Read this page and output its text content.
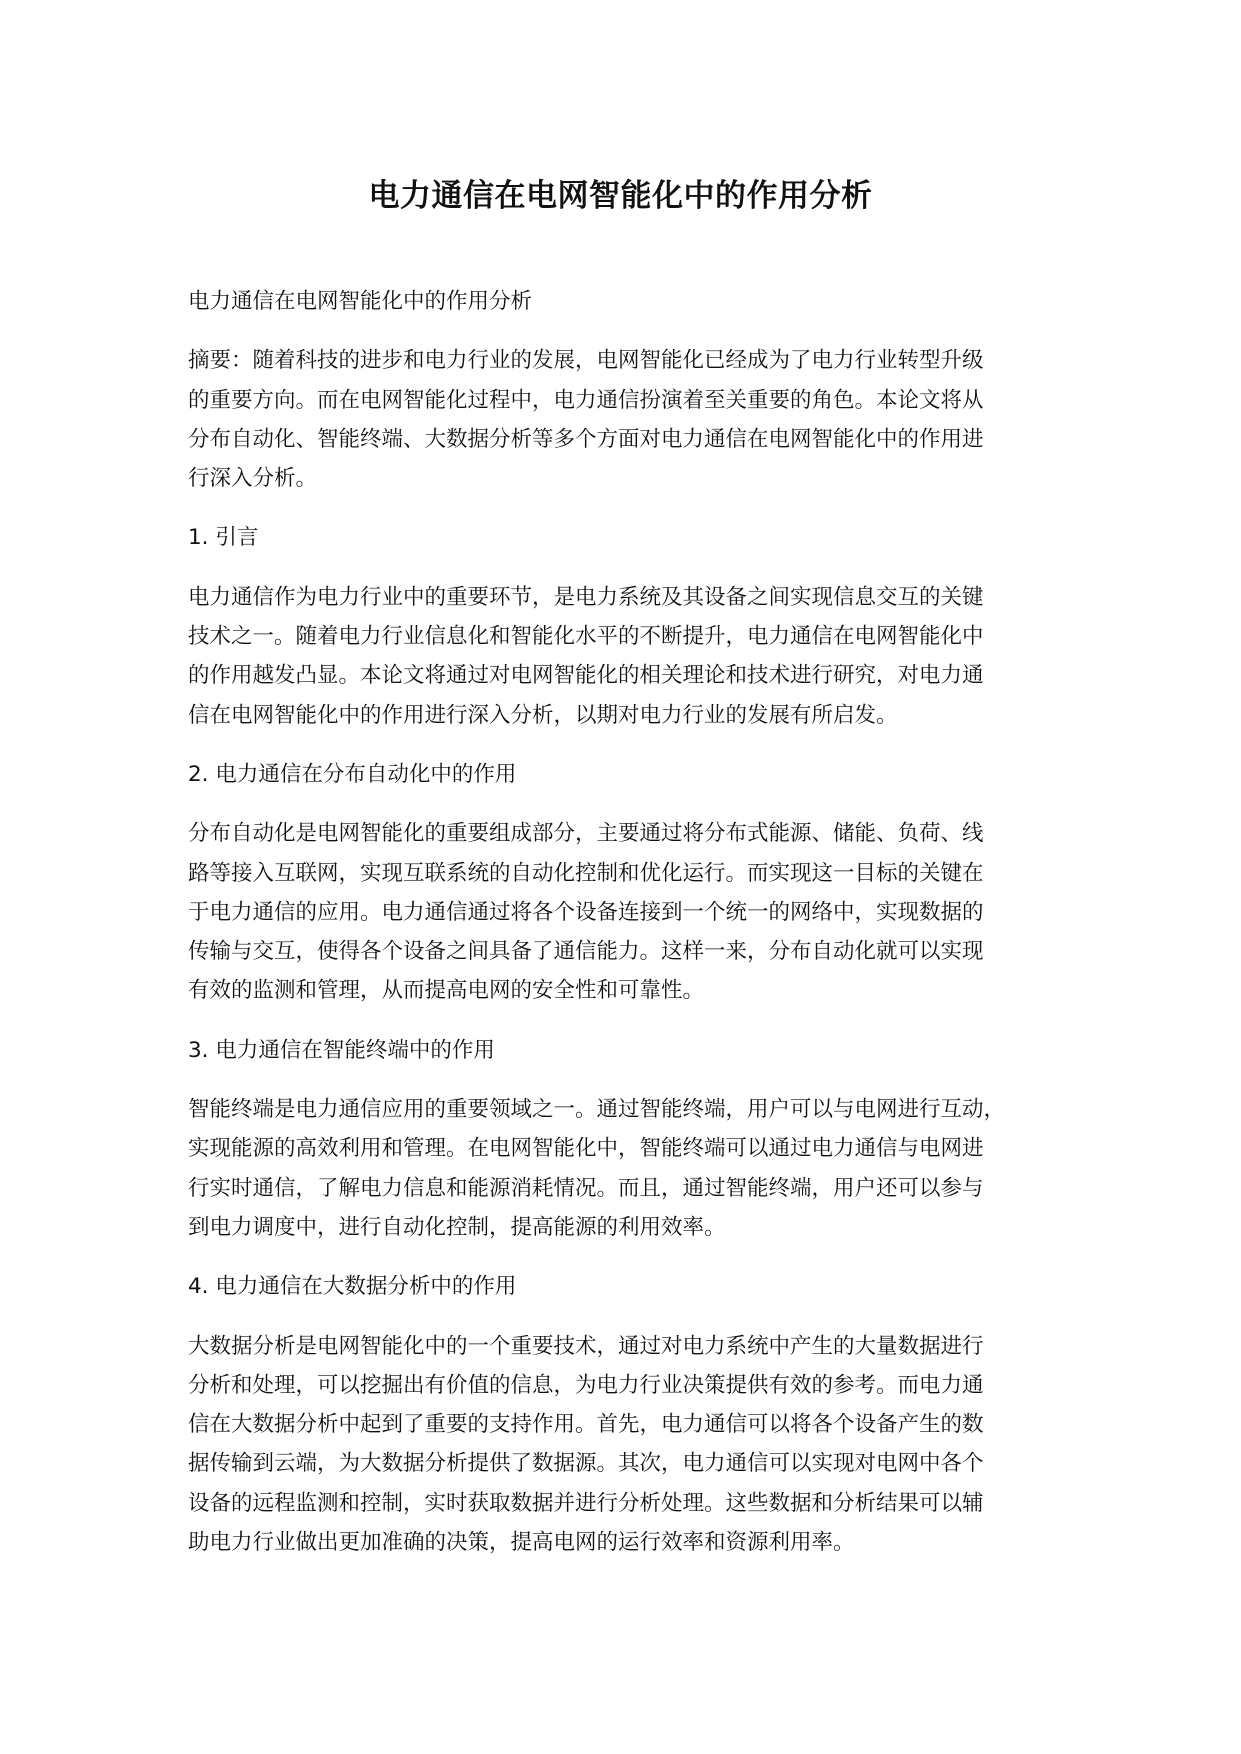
电力通信在电网智能化中的作用分析

电力通信在电网智能化中的作用分析

摘要：随着科技的进步和电力行业的发展，电网智能化已经成为了电力行业转型升级
的重要方向。而在电网智能化过程中，电力通信扮演着至关重要的角色。本论文将从
分布自动化、智能终端、大数据分析等多个方面对电力通信在电网智能化中的作用进
行深入分析。

1. 引言

电力通信作为电力行业中的重要环节，是电力系统及其设备之间实现信息交互的关键
技术之一。随着电力行业信息化和智能化水平的不断提升，电力通信在电网智能化中
的作用越发凸显。本论文将通过对电网智能化的相关理论和技术进行研究，对电力通
信在电网智能化中的作用进行深入分析，以期对电力行业的发展有所启发。

2. 电力通信在分布自动化中的作用

分布自动化是电网智能化的重要组成部分，主要通过将分布式能源、储能、负荷、线
路等接入互联网，实现互联系统的自动化控制和优化运行。而实现这一目标的关键在
于电力通信的应用。电力通信通过将各个设备连接到一个统一的网络中，实现数据的
传输与交互，使得各个设备之间具备了通信能力。这样一来，分布自动化就可以实现
有效的监测和管理，从而提高电网的安全性和可靠性。

3. 电力通信在智能终端中的作用

智能终端是电力通信应用的重要领域之一。通过智能终端，用户可以与电网进行互动，
实现能源的高效利用和管理。在电网智能化中，智能终端可以通过电力通信与电网进
行实时通信，了解电力信息和能源消耗情况。而且，通过智能终端，用户还可以参与
到电力调度中，进行自动化控制，提高能源的利用效率。

4. 电力通信在大数据分析中的作用

大数据分析是电网智能化中的一个重要技术，通过对电力系统中产生的大量数据进行
分析和处理，可以挖掘出有价值的信息，为电力行业决策提供有效的参考。而电力通
信在大数据分析中起到了重要的支持作用。首先，电力通信可以将各个设备产生的数
据传输到云端，为大数据分析提供了数据源。其次，电力通信可以实现对电网中各个
设备的远程监测和控制，实时获取数据并进行分析处理。这些数据和分析结果可以辅
助电力行业做出更加准确的决策，提高电网的运行效率和资源利用率。
